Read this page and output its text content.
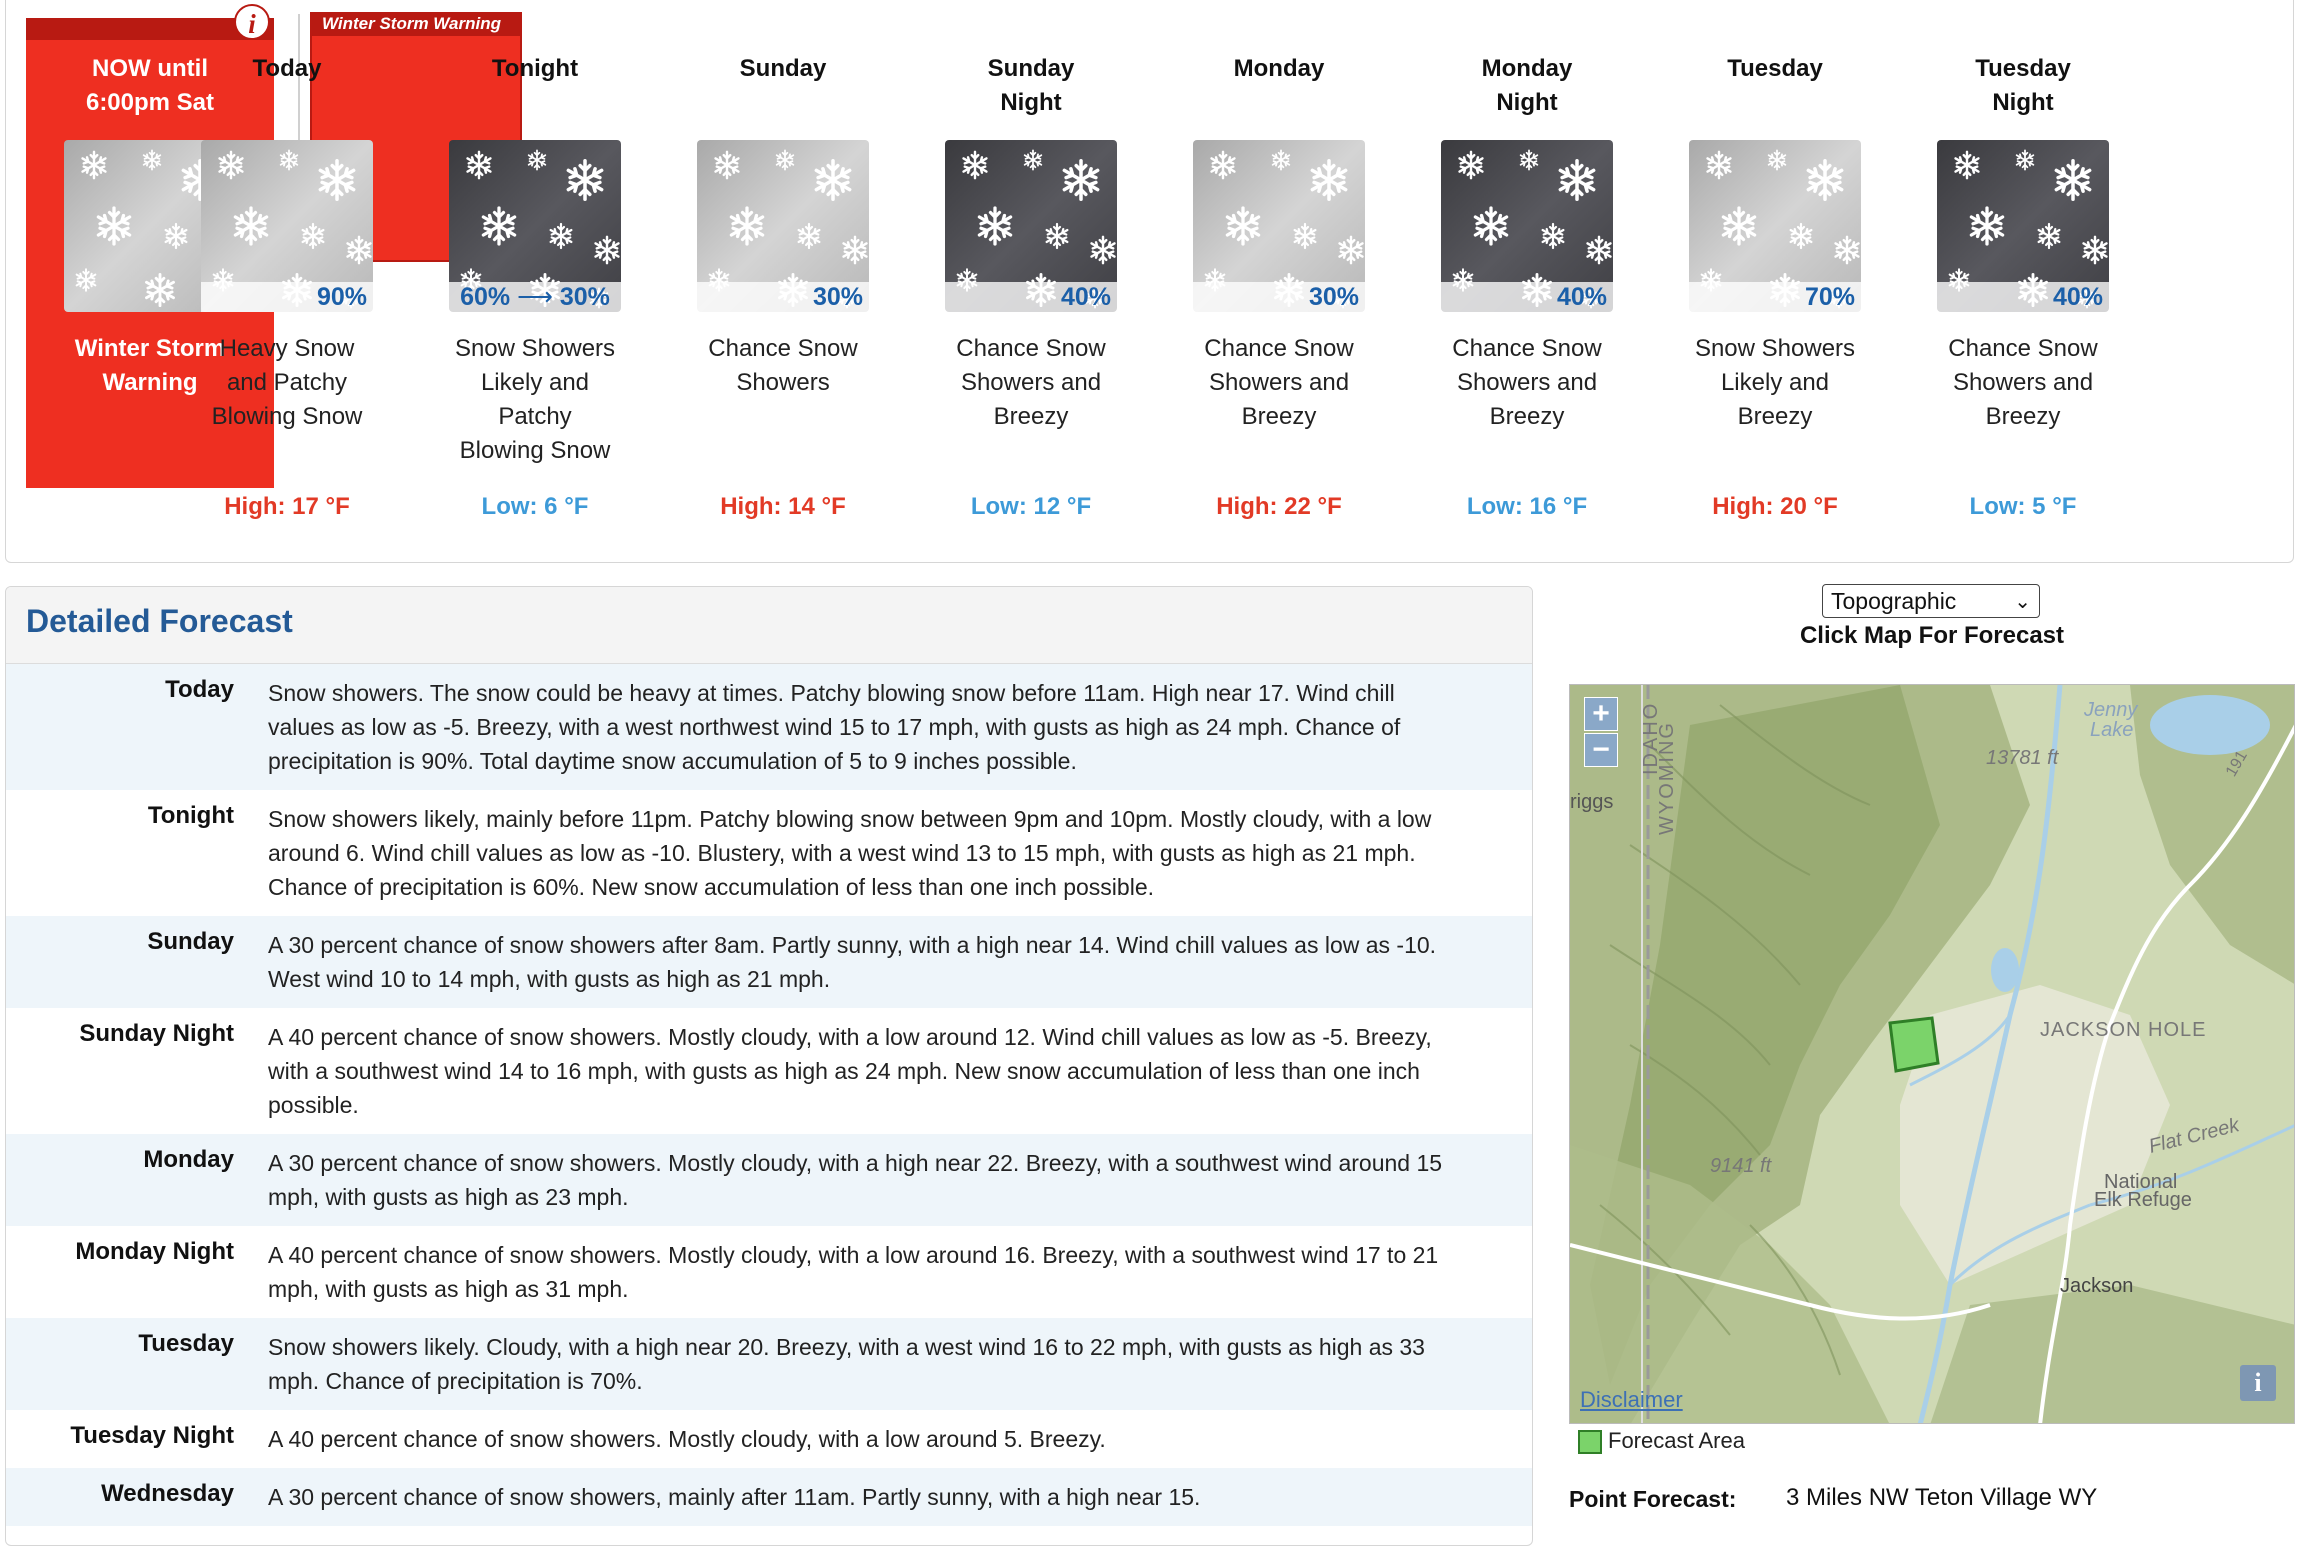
i
NOW until
6:00pm Sat
Winter Storm
Warning
Winter Storm Warning
Today
90%
Heavy Snow
and Patchy
Blowing Snow
High: 17 °F
Tonight
60% ⟶ 30%
Snow Showers
Likely and
Patchy
Blowing Snow
Low: 6 °F
Sunday
30%
Chance Snow
Showers
High: 14 °F
Sunday
Night
40%
Chance Snow
Showers and
Breezy
Low: 12 °F
Monday
30%
Chance Snow
Showers and
Breezy
High: 22 °F
Monday
Night
40%
Chance Snow
Showers and
Breezy
Low: 16 °F
Tuesday
70%
Snow Showers
Likely and
Breezy
High: 20 °F
Tuesday
Night
40%
Chance Snow
Showers and
Breezy
Low: 5 °F
Detailed Forecast
Today Snow showers. The snow could be heavy at times. Patchy blowing snow before 11am. High near 17. Wind chill
values as low as -5. Breezy, with a west northwest wind 15 to 17 mph, with gusts as high as 24 mph. Chance of
precipitation is 90%. Total daytime snow accumulation of 5 to 9 inches possible.
Tonight Snow showers likely, mainly before 11pm. Patchy blowing snow between 9pm and 10pm. Mostly cloudy, with a low
around 6. Wind chill values as low as -10. Blustery, with a west wind 13 to 15 mph, with gusts as high as 21 mph.
Chance of precipitation is 60%. New snow accumulation of less than one inch possible.
Sunday A 30 percent chance of snow showers after 8am. Partly sunny, with a high near 14. Wind chill values as low as -10.
West wind 10 to 14 mph, with gusts as high as 21 mph.
Sunday Night A 40 percent chance of snow showers. Mostly cloudy, with a low around 12. Wind chill values as low as -5. Breezy,
with a southwest wind 14 to 16 mph, with gusts as high as 24 mph. New snow accumulation of less than one inch
possible.
Monday A 30 percent chance of snow showers. Mostly cloudy, with a high near 22. Breezy, with a southwest wind around 15
mph, with gusts as high as 23 mph.
Monday Night A 40 percent chance of snow showers. Mostly cloudy, with a low around 16. Breezy, with a southwest wind 17 to 21
mph, with gusts as high as 31 mph.
Tuesday Snow showers likely. Cloudy, with a high near 20. Breezy, with a west wind 16 to 22 mph, with gusts as high as 33
mph. Chance of precipitation is 70%.
Tuesday Night A 40 percent chance of snow showers. Mostly cloudy, with a low around 5. Breezy.
Wednesday A 30 percent chance of snow showers, mainly after 11am. Partly sunny, with a high near 15.
Topographic	⌄
Click Map For Forecast
+
−	IDAHO
WYOMING
riggs
Jenny
Lake
13781 ft	191
JACKSON HOLE
9141 ft
Flat Creek
National
Elk Refuge
Jackson
Disclaimer
i
Forecast Area
Point Forecast: 3 Miles NW Teton Village WY
